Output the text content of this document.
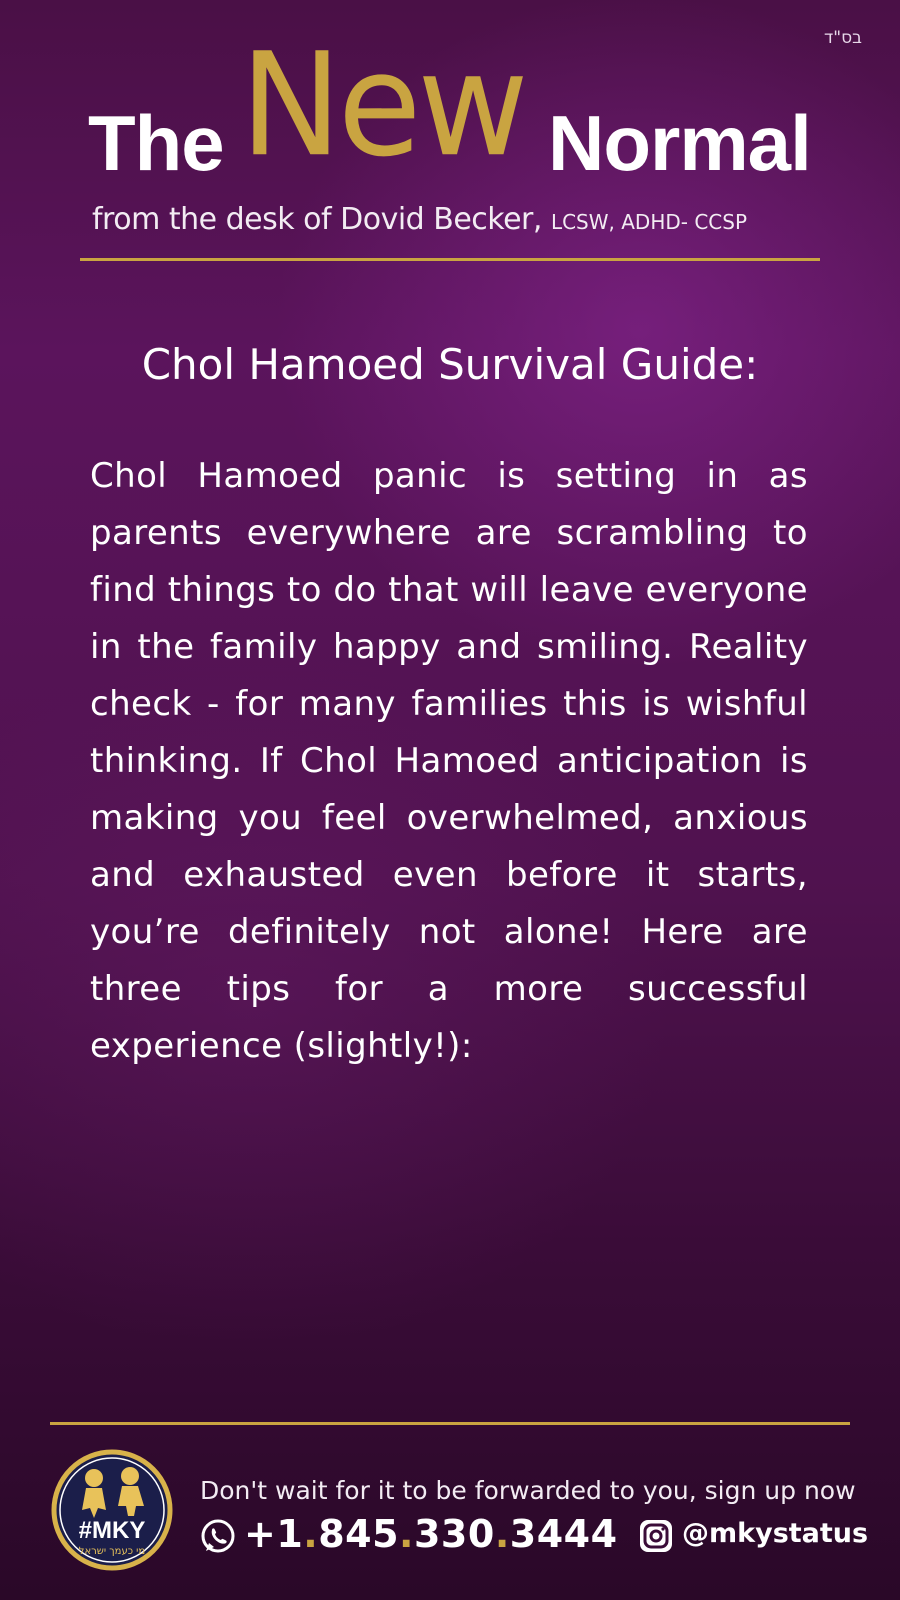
בס"ד
The New Normal
from the desk of Dovid Becker, LCSW, ADHD- CCSP
Chol Hamoed Survival Guide:
Chol Hamoed panic is setting in as parents everywhere are scrambling to find things to do that will leave everyone in the family happy and smiling. Reality check - for many families this is wishful thinking. If Chol Hamoed anticipation is making you feel overwhelmed, anxious and exhausted even before it starts, you’re definitely not alone! Here are three tips for a more successful experience (slightly!):
#MKY
מי כעמך ישראל
Don't wait for it to be forwarded to you, sign up now
+1.845.330.3444 @mkystatus
